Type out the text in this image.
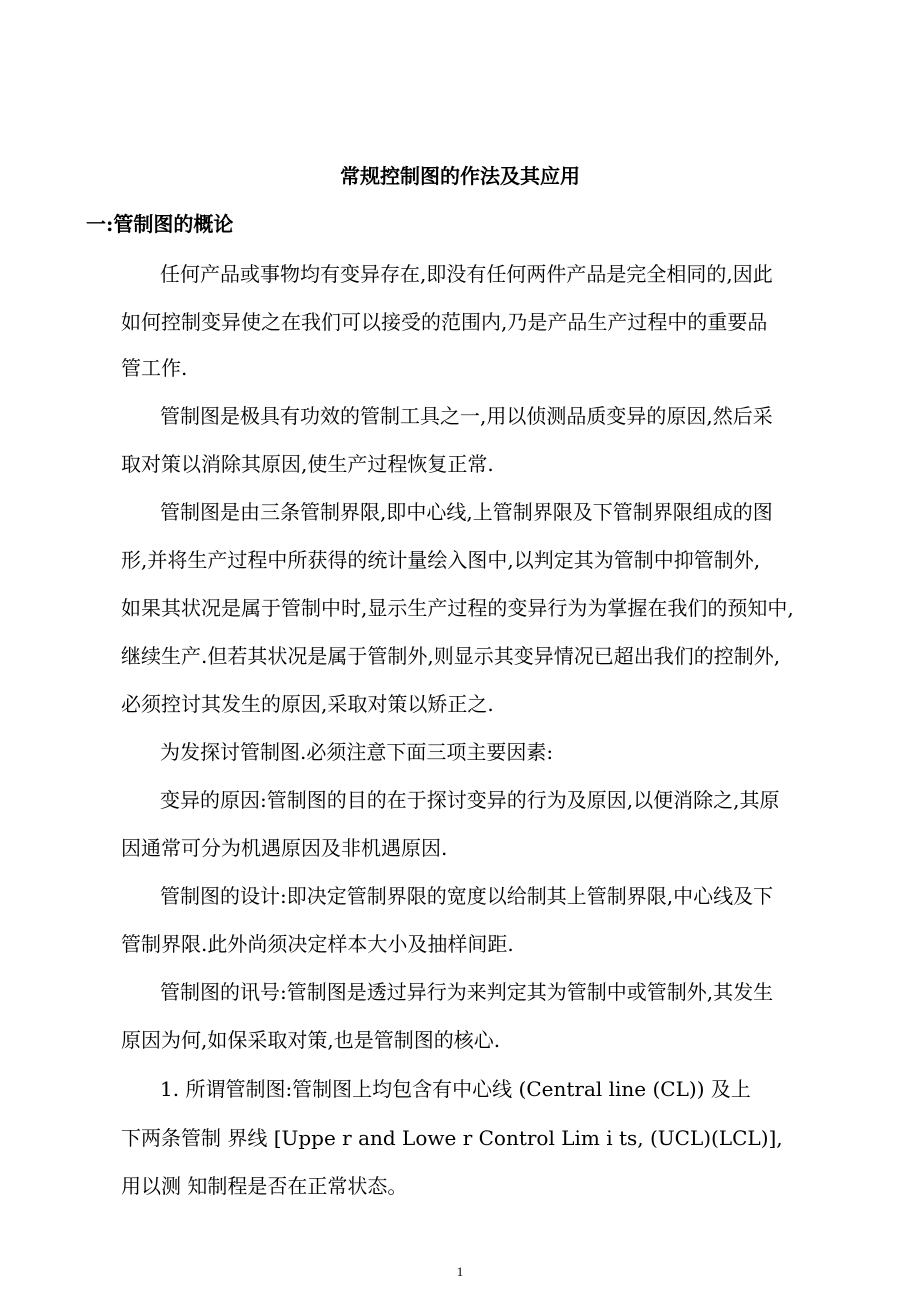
常规控制图的作法及其应用
一:管制图的概论
任何产品或事物均有变异存在,即没有任何两件产品是完全相同的,因此
如何控制变异使之在我们可以接受的范围内,乃是产品生产过程中的重要品
管工作.
管制图是极具有功效的管制工具之一,用以侦测品质变异的原因,然后采
取对策以消除其原因,使生产过程恢复正常.
管制图是由三条管制界限,即中心线,上管制界限及下管制界限组成的图
形,并将生产过程中所获得的统计量绘入图中,以判定其为管制中抑管制外,
如果其状况是属于管制中时,显示生产过程的变异行为为掌握在我们的预知中,
继续生产.但若其状况是属于管制外,则显示其变异情况已超出我们的控制外,
必须控讨其发生的原因,采取对策以矫正之.
为发探讨管制图.必须注意下面三项主要因素:
变异的原因:管制图的目的在于探讨变异的行为及原因,以便消除之,其原
因通常可分为机遇原因及非机遇原因.
管制图的设计:即决定管制界限的宽度以给制其上管制界限,中心线及下
管制界限.此外尚须决定样本大小及抽样间距.
管制图的讯号:管制图是透过异行为来判定其为管制中或管制外,其发生
原因为何,如保采取对策,也是管制图的核心.
1. 所谓管制图:管制图上均包含有中心线 (Central line (CL)) 及上
下两条管制 界线 [Uppe r and Lowe r Control Lim i ts, (UCL)(LCL)],
用以测 知制程是否在正常状态。
1
